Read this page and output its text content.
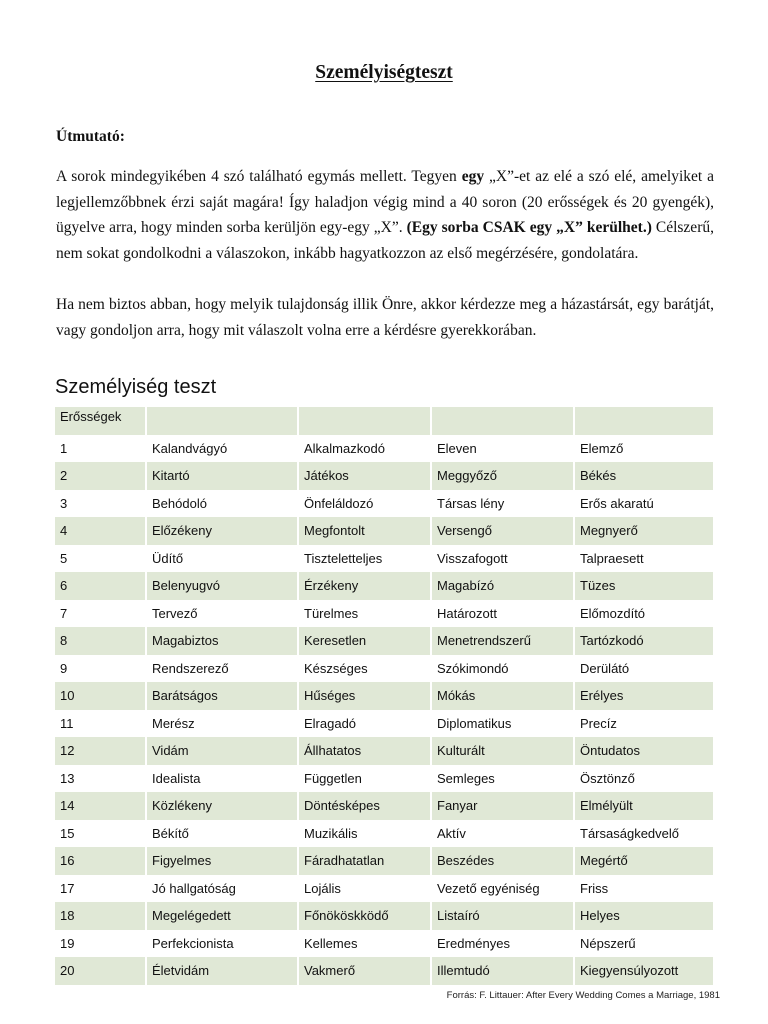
Személyiségteszt
Útmutató:
A sorok mindegyikében 4 szó található egymás mellett. Tegyen egy „X”-et az elé a szó elé, amelyiket a legjellemzőbbnek érzi saját magára! Így haladjon végig mind a 40 soron (20 erősségek és 20 gyengék), ügyelve arra, hogy minden sorba kerüljön egy-egy „X”. (Egy sorba CSAK egy „X” kerülhet.) Célszerű, nem sokat gondolkodni a válaszokon, inkább hagyatkozzon az első megérzésére, gondolatára.
Ha nem biztos abban, hogy melyik tulajdonság illik Önre, akkor kérdezze meg a házastársát, egy barátját, vagy gondoljon arra, hogy mit válaszolt volna erre a kérdésre gyerekkorában.
Személyiség teszt
Erősségek				
1	Kalandvágyó	Alkalmazkodó	Eleven	Elemző
2	Kitartó	Játékos	Meggyőző	Békés
3	Behódoló	Önfeláldozó	Társas lény	Erős akaratú
4	Előzékeny	Megfontolt	Versengő	Megnyerő
5	Üdítő	Tiszteletteljes	Visszafogott	Talpraesett
6	Belenyugvó	Érzékeny	Magabízó	Tüzes
7	Tervező	Türelmes	Határozott	Előmozdító
8	Magabiztos	Keresetlen	Menetrendszerű	Tartózkodó
9	Rendszerező	Készséges	Szókimondó	Derülátó
10	Barátságos	Hűséges	Mókás	Erélyes
11	Merész	Elragadó	Diplomatikus	Precíz
12	Vidám	Állhatatos	Kulturált	Öntudatos
13	Idealista	Független	Semleges	Ösztönző
14	Közlékeny	Döntésképes	Fanyar	Elmélyült
15	Békítő	Muzikális	Aktív	Társaságkedvelő
16	Figyelmes	Fáradhatatlan	Beszédes	Megértő
17	Jó hallgatóság	Lojális	Vezető egyéniség	Friss
18	Megelégedett	Főnököskködő	Listaíró	Helyes
19	Perfekcionista	Kellemes	Eredményes	Népszerű
20	Életvidám	Vakmerő	Illemtudó	Kiegyensúlyozott
Forrás: F. Littauer: After Every Wedding Comes a Marriage, 1981
